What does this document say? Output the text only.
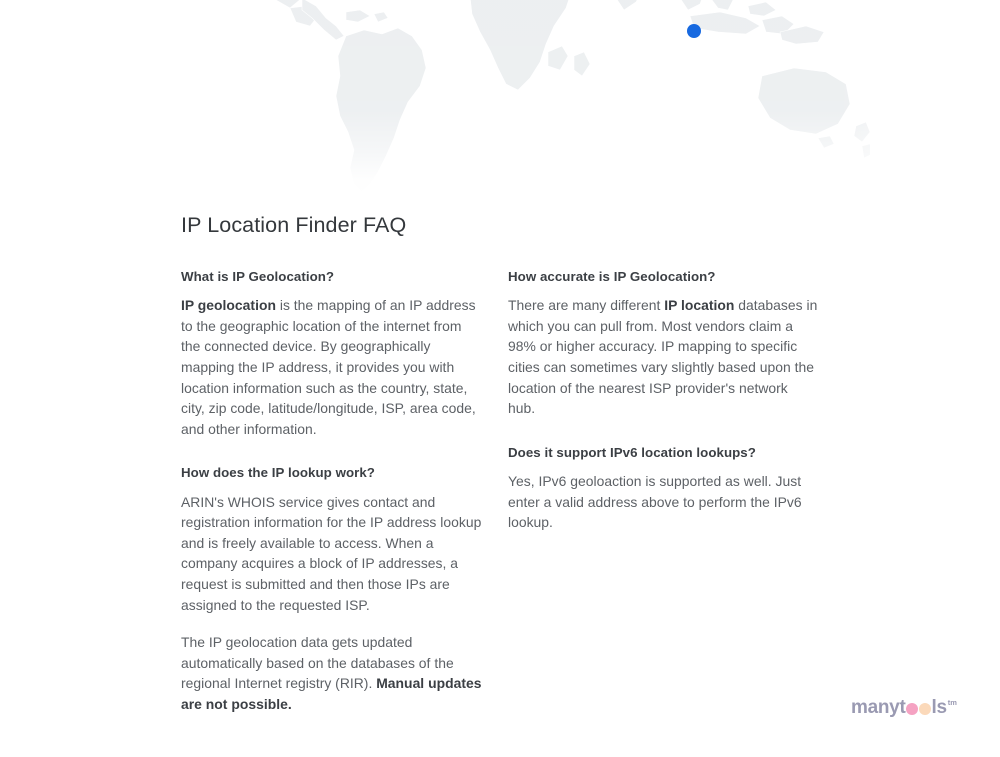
IP Location Finder FAQ
What is IP Geolocation?
IP geolocation is the mapping of an IP address to the geographic location of the internet from the connected device. By geographically mapping the IP address, it provides you with location information such as the country, state, city, zip code, latitude/longitude, ISP, area code, and other information.
How does the IP lookup work?
ARIN's WHOIS service gives contact and registration information for the IP address lookup and is freely available to access. When a company acquires a block of IP addresses, a request is submitted and then those IPs are assigned to the requested ISP.
The IP geolocation data gets updated automatically based on the databases of the regional Internet registry (RIR). Manual updates are not possible.
How accurate is IP Geolocation?
There are many different IP location databases in which you can pull from. Most vendors claim a 98% or higher accuracy. IP mapping to specific cities can sometimes vary slightly based upon the location of the nearest ISP provider's network hub.
Does it support IPv6 location lookups?
Yes, IPv6 geoloaction is supported as well. Just enter a valid address above to perform the IPv6 lookup.
many t ls tm
